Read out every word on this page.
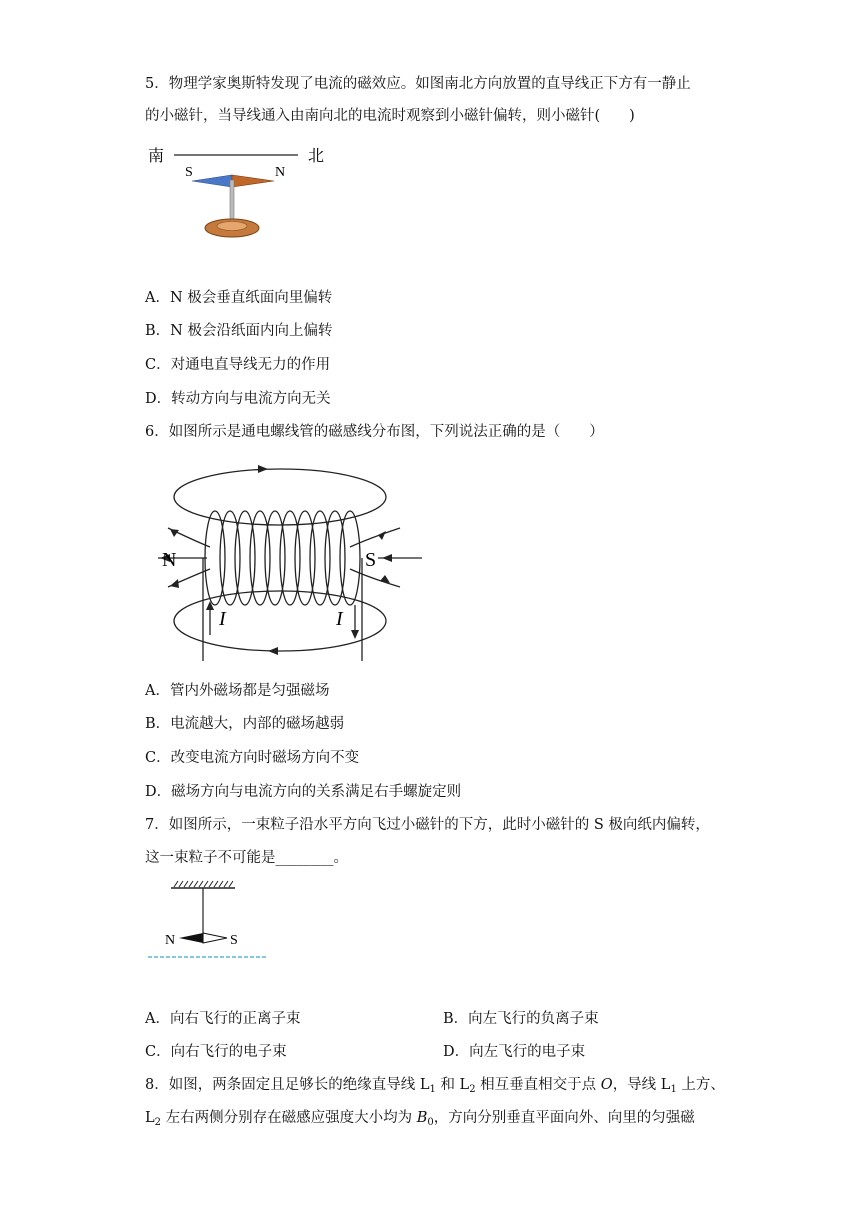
5．物理学家奥斯特发现了电流的磁效应。如图南北方向放置的直导线正下方有一静止
的小磁针，当导线通入由南向北的电流时观察到小磁针偏转，则小磁针(　　)
南	北
S	N
A．N 极会垂直纸面向里偏转
B．N 极会沿纸面内向上偏转
C．对通电直导线无力的作用
D．转动方向与电流方向无关
6．如图所示是通电螺线管的磁感线分布图，下列说法正确的是（　　）
N	S
I	I
A．管内外磁场都是匀强磁场
B．电流越大，内部的磁场越弱
C．改变电流方向时磁场方向不变
D．磁场方向与电流方向的关系满足右手螺旋定则
7．如图所示，一束粒子沿水平方向飞过小磁针的下方，此时小磁针的 S 极向纸内偏转，
这一束粒子不可能是________。
N	S
A．向右飞行的正离子束	B．向左飞行的负离子束
C．向右飞行的电子束	D．向左飞行的电子束
8．如图，两条固定且足够长的绝缘直导线 $L_1$ 和 $L_2$ 相互垂直相交于点 O，导线 $L_1$ 上方、
$L_2$ 左右两侧分别存在磁感应强度大小均为 $B_0$，方向分别垂直平面向外、向里的匀强磁
